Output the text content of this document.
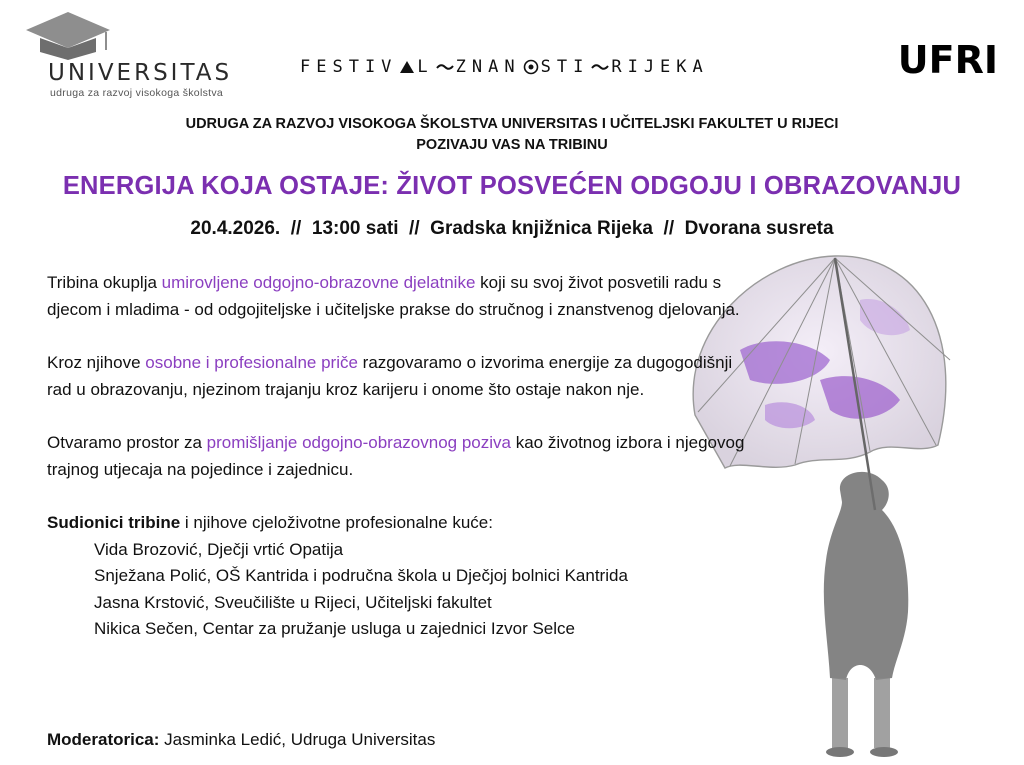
UNIVERSITAS
udruga za razvoj visokoga školstva
FESTIV L ZNAN STI RIJEKA	UFRI
UDRUGA ZA RAZVOJ VISOKOGA ŠKOLSTVA UNIVERSITAS I UČITELJSKI FAKULTET U RIJECI
POZIVAJU VAS NA TRIBINU
ENERGIJA KOJA OSTAJE: ŽIVOT POSVEĆEN ODGOJU I OBRAZOVANJU
20.4.2026.  //  13:00 sati  //  Gradska knjižnica Rijeka  //  Dvorana susreta

Tribina okuplja umirovljene odgojno-obrazovne djelatnike koji su svoj život posvetili radu s djecom i mladima - od odgojiteljske i učiteljske prakse do stručnog i znanstvenog djelovanja.

Kroz njihove osobne i profesionalne priče razgovaramo o izvorima energije za dugogodišnji rad u obrazovanju, njezinom trajanju kroz karijeru i onome što ostaje nakon nje.

Otvaramo prostor za promišljanje odgojno-obrazovnog poziva kao životnog izbora i njegovog trajnog utjecaja na pojedince i zajednicu.

Sudionici tribine i njihove cjeloživotne profesionalne kuće:
Vida Brozović, Dječji vrtić Opatija
Snježana Polić, OŠ Kantrida i područna škola u Dječjoj bolnici Kantrida
Jasna Krstović, Sveučilište u Rijeci, Učiteljski fakultet
Nikica Sečen, Centar za pružanje usluga u zajednici Izvor Selce
Moderatorica: Jasminka Ledić, Udruga Universitas
